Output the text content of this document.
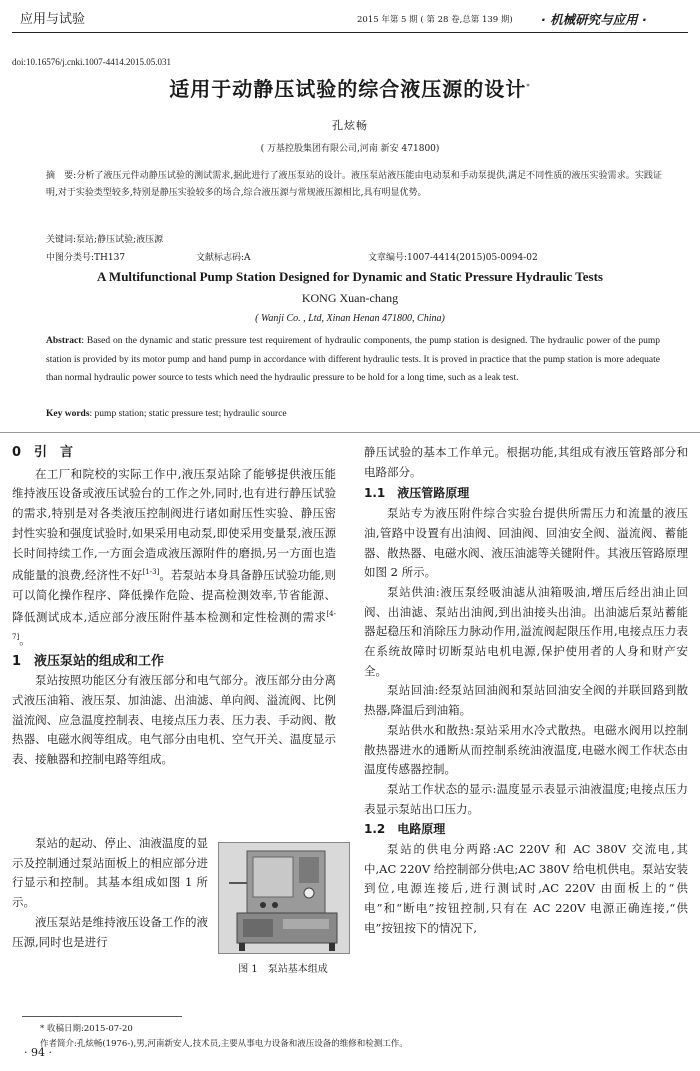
应用与试验	2015 年第 5 期 ( 第 28 卷,总第 139 期) · 机械研究与应用 ·
doi:10.16576/j.cnki.1007-4414.2015.05.031
适用于动静压试验的综合液压源的设计*
孔炫畅
( 万基控股集团有限公司,河南 新安 471800)
摘　要:分析了液压元件动静压试验的测试需求,据此进行了液压泵站的设计。液压泵站液压能由电动泵和手动泵提供,满足不同性质的液压实验需求。实践证明,对于实验类型较多,特别是静压实验较多的场合,综合液压源与常规液压源相比,具有明显优势。
关键词:泵站;静压试验;液压源
中图分类号:TH137	文献标志码:A	文章编号:1007-4414(2015)05-0094-02
A Multifunctional Pump Station Designed for Dynamic and Static Pressure Hydraulic Tests
KONG Xuan-chang
( Wanji Co. , Ltd, Xinan Henan 471800, China)
Abstract: Based on the dynamic and static pressure test requirement of hydraulic components, the pump station is designed. The hydraulic power of the pump station is provided by its motor pump and hand pump in accordance with different hydraulic tests. It is proved in practice that the pump station is more adequate than normal hydraulic power source to tests which need the hydraulic pressure to be hold for a long time, such as a leak test.
Key words: pump station; static pressure test; hydraulic source
0　引　言

在工厂和院校的实际工作中,液压泵站除了能够提供液压能维持液压设备或液压试验台的工作之外,同时,也有进行静压试验的需求,特别是对各类液压控制阀进行诸如耐压性实验、静压密封性实验和强度试验时,如果采用电动泵,即使采用变量泵,液压源长时间持续工作,一方面会造成液压源附件的磨损,另一方面也造成能量的浪费,经济性不好[1-3]。若泵站本身具备静压试验功能,则可以简化操作程序、降低操作危险、提高检测效率,节省能源、降低测试成本,适应部分液压附件基本检测和定性检测的需求[4-7]。

1　液压泵站的组成和工作

泵站按照功能区分有液压部分和电气部分。液压部分由分离式液压油箱、液压泵、加油滤、出油滤、单向阀、溢流阀、比例溢流阀、应急温度控制表、电接点压力表、压力表、手动阀、散热器、电磁水阀等组成。电气部分由电机、空气开关、温度显示表、接触器和控制电路等组成。

泵站的起动、停止、油液温度的显示及控制通过泵站面板上的相应部分进行显示和控制。其基本组成如图 1 所示。

液压泵站是维持液压设备工作的液压源,同时也是进行

图 1　泵站基本组成

静压试验的基本工作单元。根据功能,其组成有液压管路部分和电路部分。

1.1　液压管路原理

泵站专为液压附件综合实验台提供所需压力和流量的液压油,管路中设置有出油阀、回油阀、回油安全阀、溢流阀、蓄能器、散热器、电磁水阀、液压油滤等关键附件。其液压管路原理如图 2 所示。

泵站供油:液压泵经吸油滤从油箱吸油,增压后经出油止回阀、出油滤、泵站出油阀,到出油接头出油。出油滤后泵站蓄能器起稳压和消除压力脉动作用,溢流阀起限压作用,电接点压力表在系统故障时切断泵站电机电源,保护使用者的人身和财产安全。

泵站回油:经泵站回油阀和泵站回油安全阀的并联回路到散热器,降温后到油箱。

泵站供水和散热:泵站采用水冷式散热。电磁水阀用以控制散热器进水的通断从而控制系统油液温度,电磁水阀工作状态由温度传感器控制。

泵站工作状态的显示:温度显示表显示油液温度;电接点压力表显示泵站出口压力。

1.2　电路原理

泵站的供电分两路:AC 220V 和 AC 380V 交流电,其中,AC 220V 给控制部分供电;AC 380V 给电机供电。泵站安装到位,电源连接后,进行测试时,AC 220V 由面板上的“供电”和“断电”按钮控制,只有在 AC 220V 电源正确连接,“供电”按钮按下的情况下,

* 收稿日期:2015-07-20
作者简介:孔炫畅(1976-),男,河南新安人,技术员,主要从事电力设备和液压设备的维修和检测工作。
· 94 ·
